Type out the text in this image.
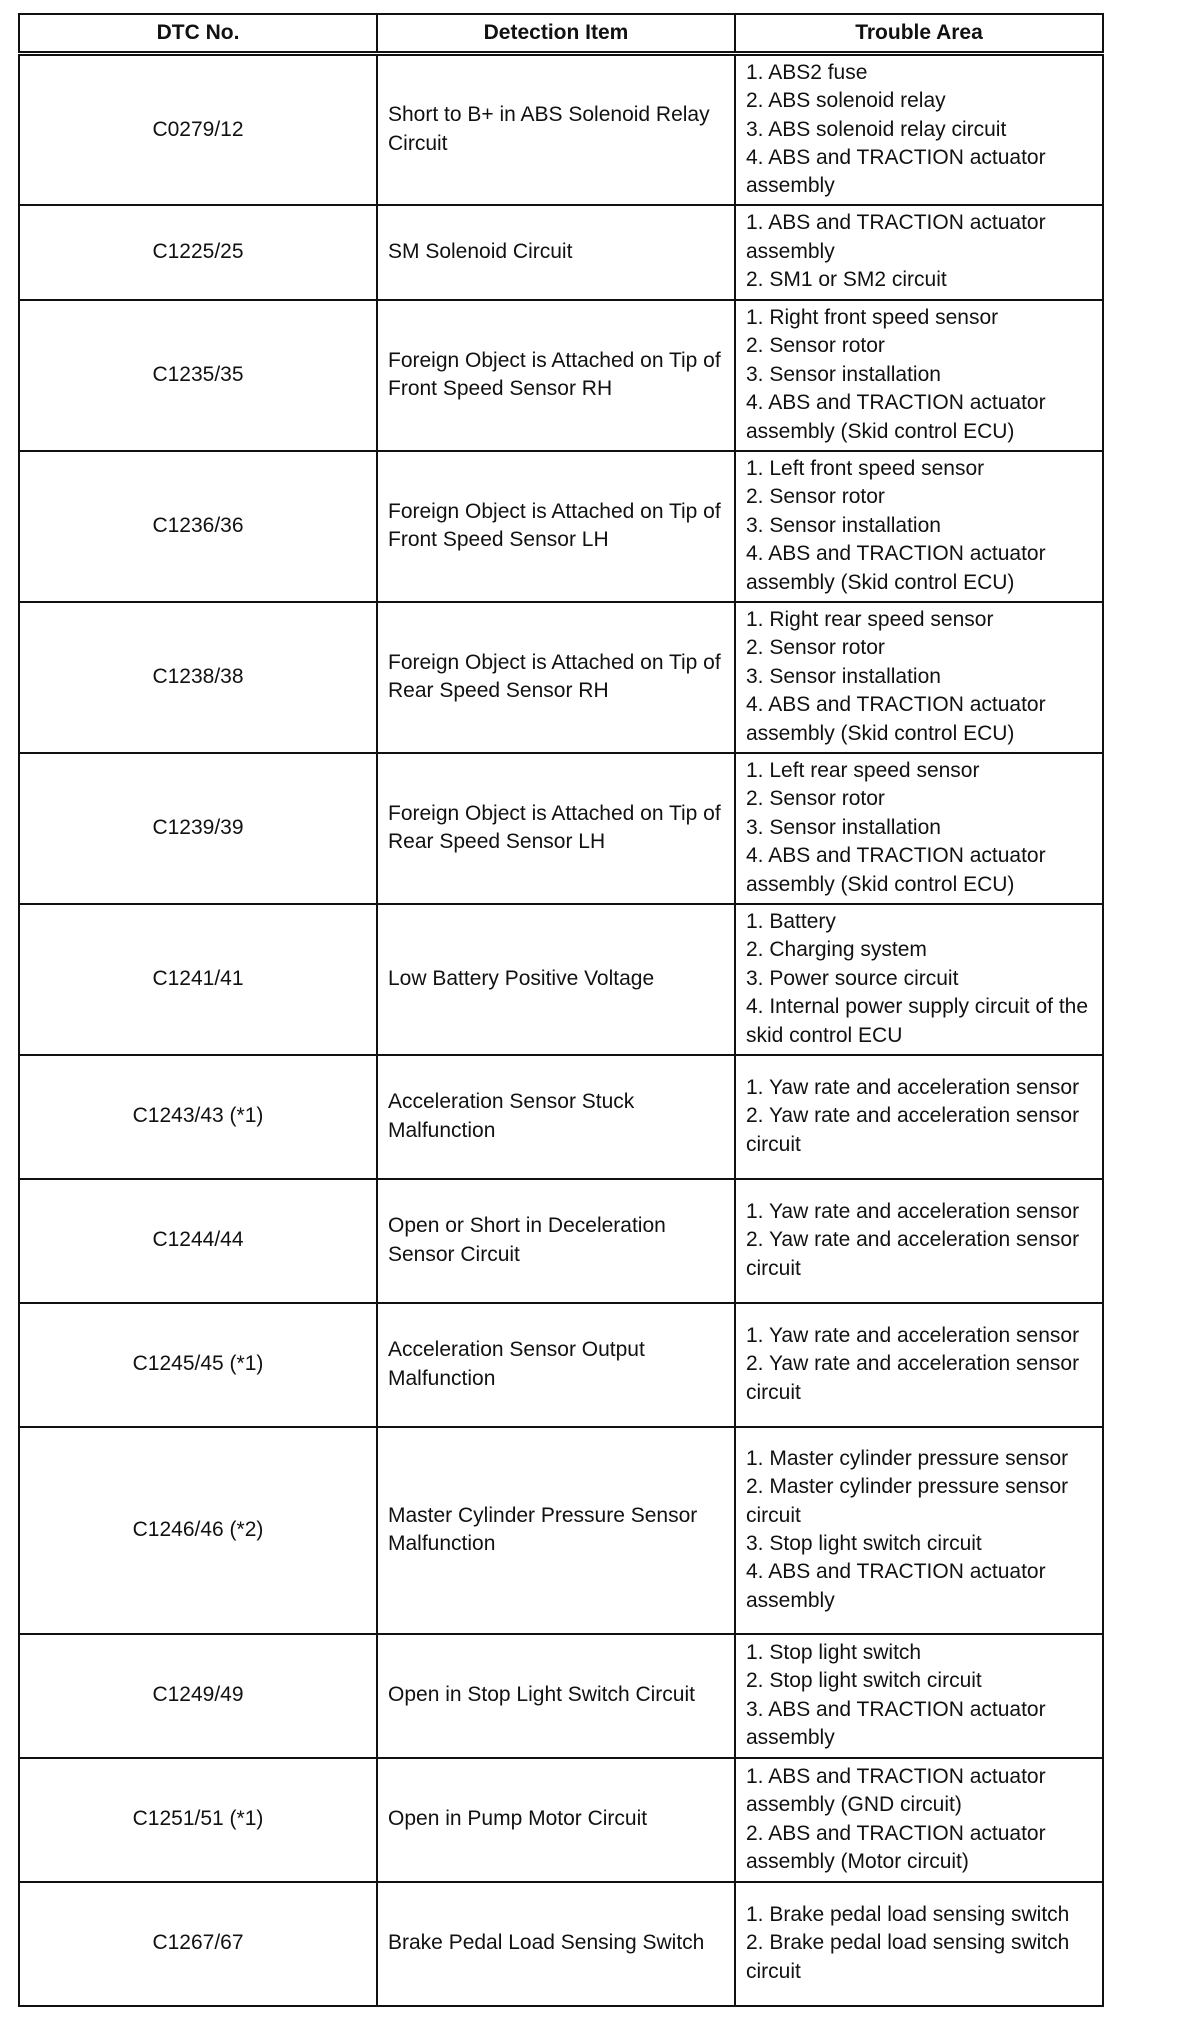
DTC No.	Detection Item	Trouble Area
C0279/12	Short to B+ in ABS Solenoid Relay Circuit	1. ABS2 fuse
2. ABS solenoid relay
3. ABS solenoid relay circuit
4. ABS and TRACTION actuator assembly

C1225/25	SM Solenoid Circuit	1. ABS and TRACTION actuator assembly
2. SM1 or SM2 circuit

C1235/35	Foreign Object is Attached on Tip of Front Speed Sensor RH	1. Right front speed sensor
2. Sensor rotor
3. Sensor installation
4. ABS and TRACTION actuator assembly (Skid control ECU)

C1236/36	Foreign Object is Attached on Tip of Front Speed Sensor LH	1. Left front speed sensor
2. Sensor rotor
3. Sensor installation
4. ABS and TRACTION actuator assembly (Skid control ECU)

C1238/38	Foreign Object is Attached on Tip of Rear Speed Sensor RH	1. Right rear speed sensor
2. Sensor rotor
3. Sensor installation
4. ABS and TRACTION actuator assembly (Skid control ECU)

C1239/39	Foreign Object is Attached on Tip of Rear Speed Sensor LH	1. Left rear speed sensor
2. Sensor rotor
3. Sensor installation
4. ABS and TRACTION actuator assembly (Skid control ECU)

C1241/41	Low Battery Positive Voltage	1. Battery
2. Charging system
3. Power source circuit
4. Internal power supply circuit of the skid control ECU

C1243/43 (*1)	Acceleration Sensor Stuck Malfunction	1. Yaw rate and acceleration sensor
2. Yaw rate and acceleration sensor circuit

C1244/44	Open or Short in Deceleration Sensor Circuit	1. Yaw rate and acceleration sensor
2. Yaw rate and acceleration sensor circuit

C1245/45 (*1)	Acceleration Sensor Output Malfunction	1. Yaw rate and acceleration sensor
2. Yaw rate and acceleration sensor circuit

C1246/46 (*2)	Master Cylinder Pressure Sensor Malfunction	1. Master cylinder pressure sensor
2. Master cylinder pressure sensor circuit
3. Stop light switch circuit
4. ABS and TRACTION actuator assembly

C1249/49	Open in Stop Light Switch Circuit	1. Stop light switch
2. Stop light switch circuit
3. ABS and TRACTION actuator assembly

C1251/51 (*1)	Open in Pump Motor Circuit	1. ABS and TRACTION actuator assembly (GND circuit)
2. ABS and TRACTION actuator assembly (Motor circuit)

C1267/67	Brake Pedal Load Sensing Switch	1. Brake pedal load sensing switch
2. Brake pedal load sensing switch circuit
